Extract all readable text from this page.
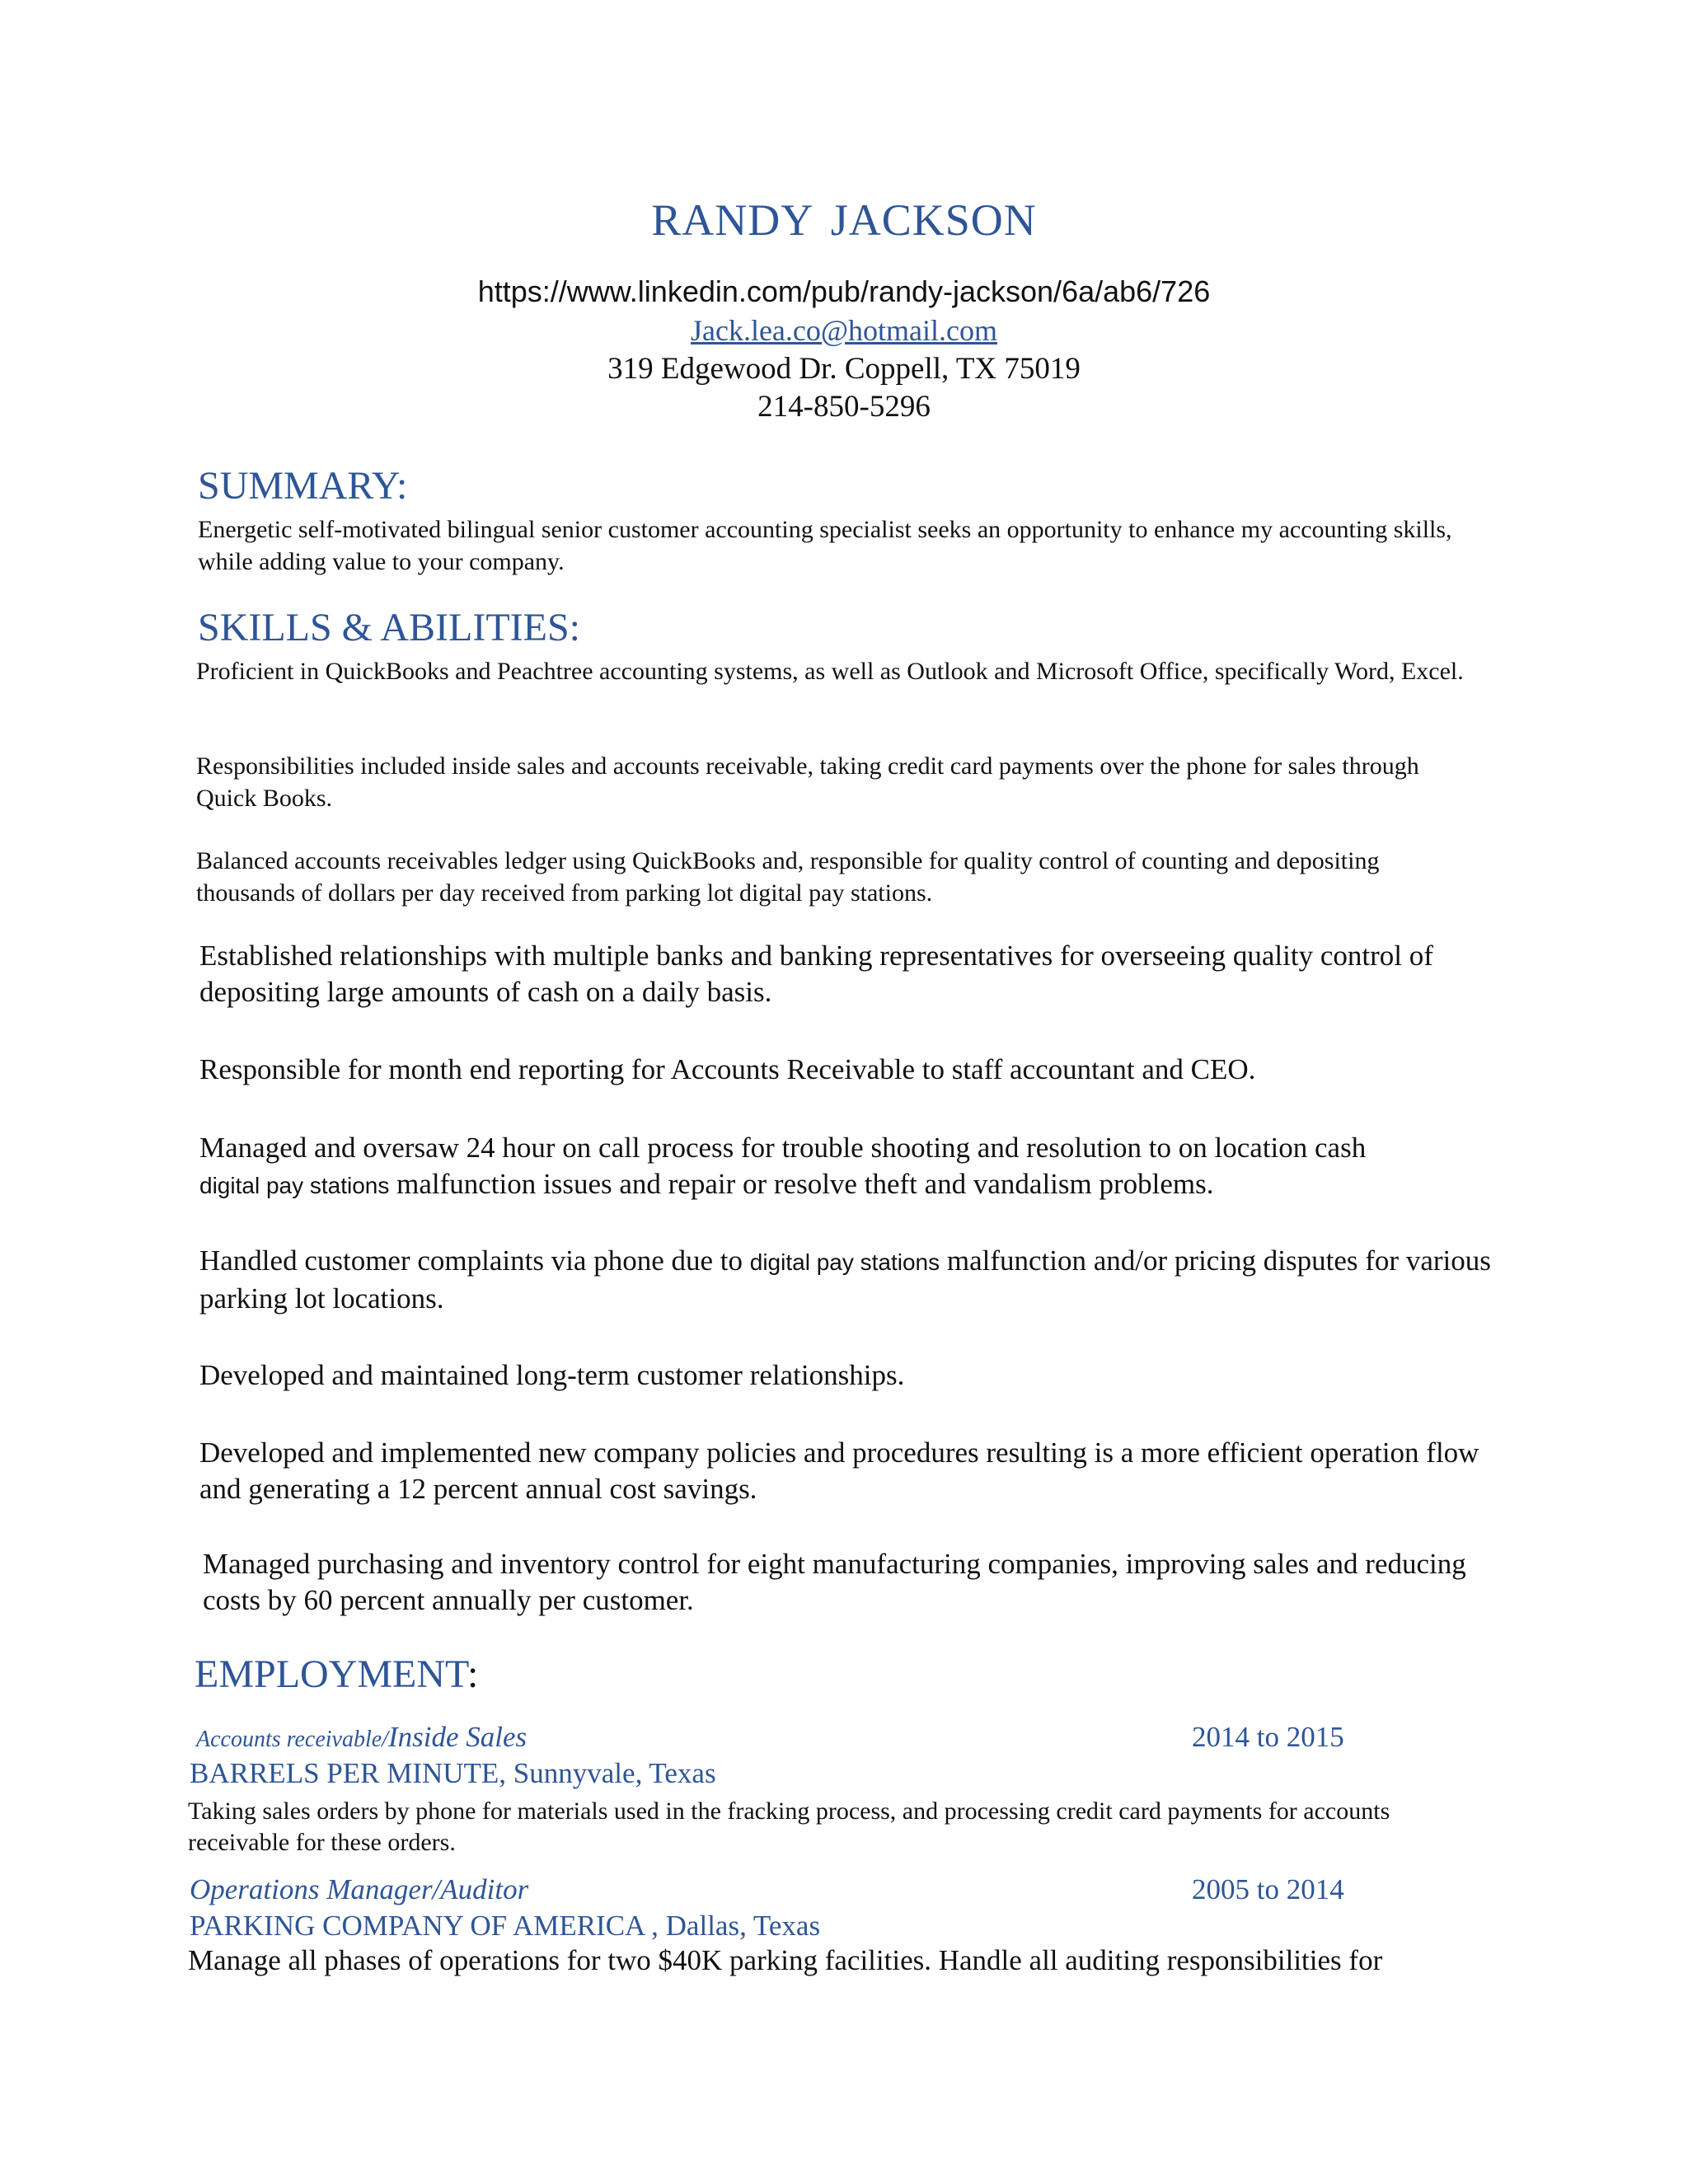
RANDY JACKSON
https://www.linkedin.com/pub/randy-jackson/6a/ab6/726
Jack.lea.co@hotmail.com
319 Edgewood Dr. Coppell, TX 75019
214-850-5296
SUMMARY:
Energetic self-motivated bilingual senior customer accounting specialist seeks an opportunity to enhance my accounting skills, while adding value to your company.
SKILLS & ABILITIES:
Proficient in QuickBooks and Peachtree accounting systems, as well as Outlook and Microsoft Office, specifically Word, Excel.
Responsibilities included inside sales and accounts receivable, taking credit card payments over the phone for sales through Quick Books.
Balanced accounts receivables ledger using QuickBooks and, responsible for quality control of counting and depositing thousands of dollars per day received from parking lot digital pay stations.
Established relationships with multiple banks and banking representatives for overseeing quality control of depositing large amounts of cash on a daily basis.
Responsible for month end reporting for Accounts Receivable to staff accountant and CEO.
Managed and oversaw 24 hour on call process for trouble shooting and resolution to on location cash
digital pay stations malfunction issues and repair or resolve theft and vandalism problems.
Handled customer complaints via phone due to digital pay stations malfunction and/or pricing disputes for various parking lot locations.
Developed and maintained long-term customer relationships.
Developed and implemented new company policies and procedures resulting is a more efficient operation flow and generating a 12 percent annual cost savings.
Managed purchasing and inventory control for eight manufacturing companies, improving sales and reducing costs by 60 percent annually per customer.
EMPLOYMENT:
Accounts receivable/Inside Sales	2014 to 2015
BARRELS PER MINUTE, Sunnyvale, Texas
Taking sales orders by phone for materials used in the fracking process, and processing credit card payments for accounts receivable for these orders.
Operations Manager/Auditor	2005 to 2014
PARKING COMPANY OF AMERICA , Dallas, Texas
Manage all phases of operations for two $40K parking facilities. Handle all auditing responsibilities for
